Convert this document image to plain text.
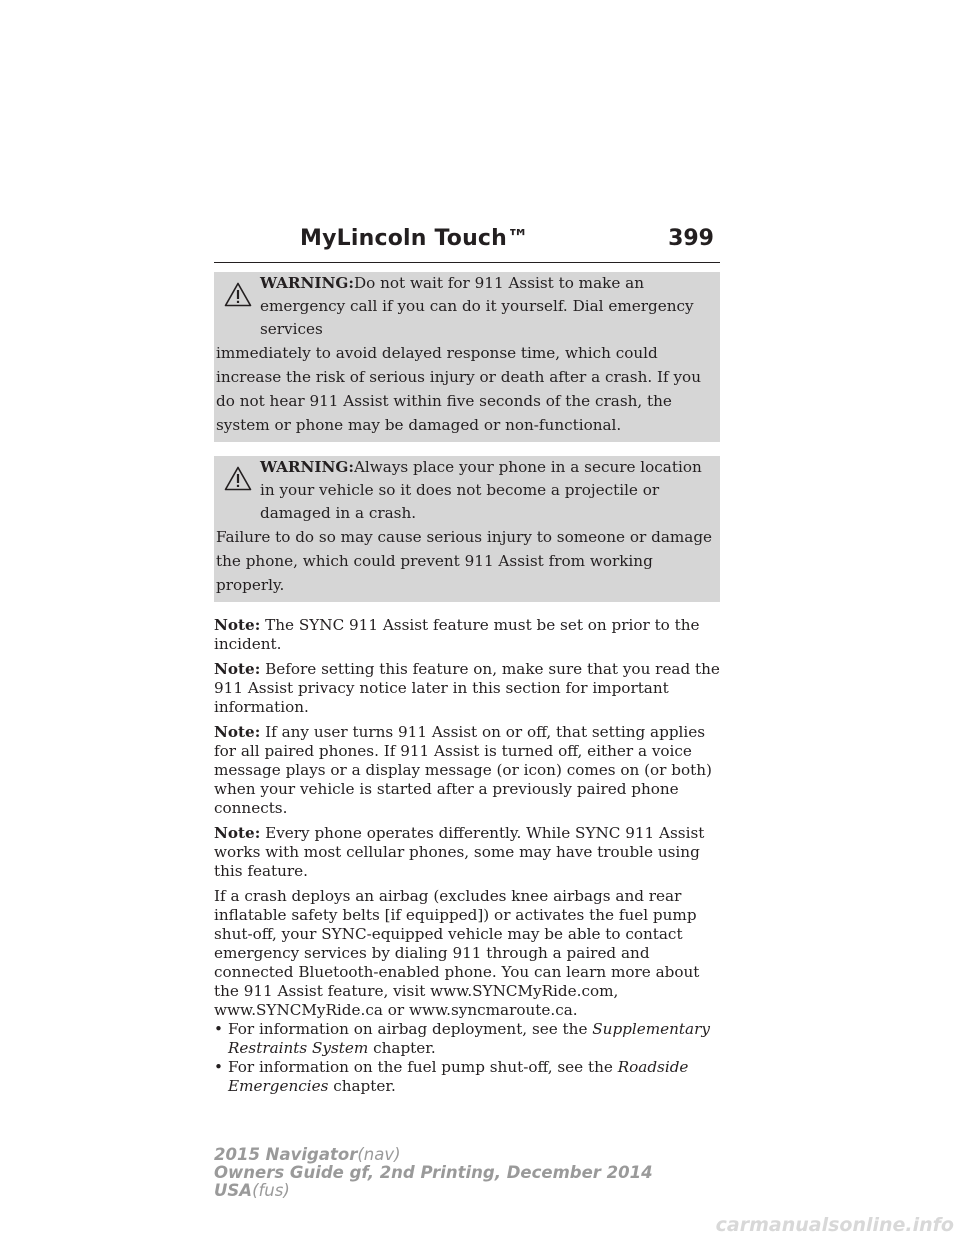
MyLincoln Touch™	399
WARNING:Do not wait for 911 Assist to make an emergency call if you can do it yourself. Dial emergency services
immediately to avoid delayed response time, which could increase the risk of serious injury or death after a crash. If you do not hear 911 Assist within five seconds of the crash, the system or phone may be damaged or non-functional.
WARNING:Always place your phone in a secure location in your vehicle so it does not become a projectile or damaged in a crash.
Failure to do so may cause serious injury to someone or damage the phone, which could prevent 911 Assist from working properly.

Note: The SYNC 911 Assist feature must be set on prior to the incident.

Note: Before setting this feature on, make sure that you read the 911 Assist privacy notice later in this section for important information.

Note: If any user turns 911 Assist on or off, that setting applies for all paired phones. If 911 Assist is turned off, either a voice message plays or a display message (or icon) comes on (or both) when your vehicle is started after a previously paired phone connects.

Note: Every phone operates differently. While SYNC 911 Assist works with most cellular phones, some may have trouble using this feature.

If a crash deploys an airbag (excludes knee airbags and rear inflatable safety belts [if equipped]) or activates the fuel pump shut-off, your SYNC-equipped vehicle may be able to contact emergency services by dialing 911 through a paired and connected Bluetooth-enabled phone. You can learn more about the 911 Assist feature, visit www.SYNCMyRide.com, www.SYNCMyRide.ca or www.syncmaroute.ca.

• For information on airbag deployment, see the Supplementary Restraints System chapter.

• For information on the fuel pump shut-off, see the Roadside Emergencies chapter.

2015 Navigator(nav)
Owners Guide gf, 2nd Printing, December 2014
USA(fus)
carmanualsonline.info
